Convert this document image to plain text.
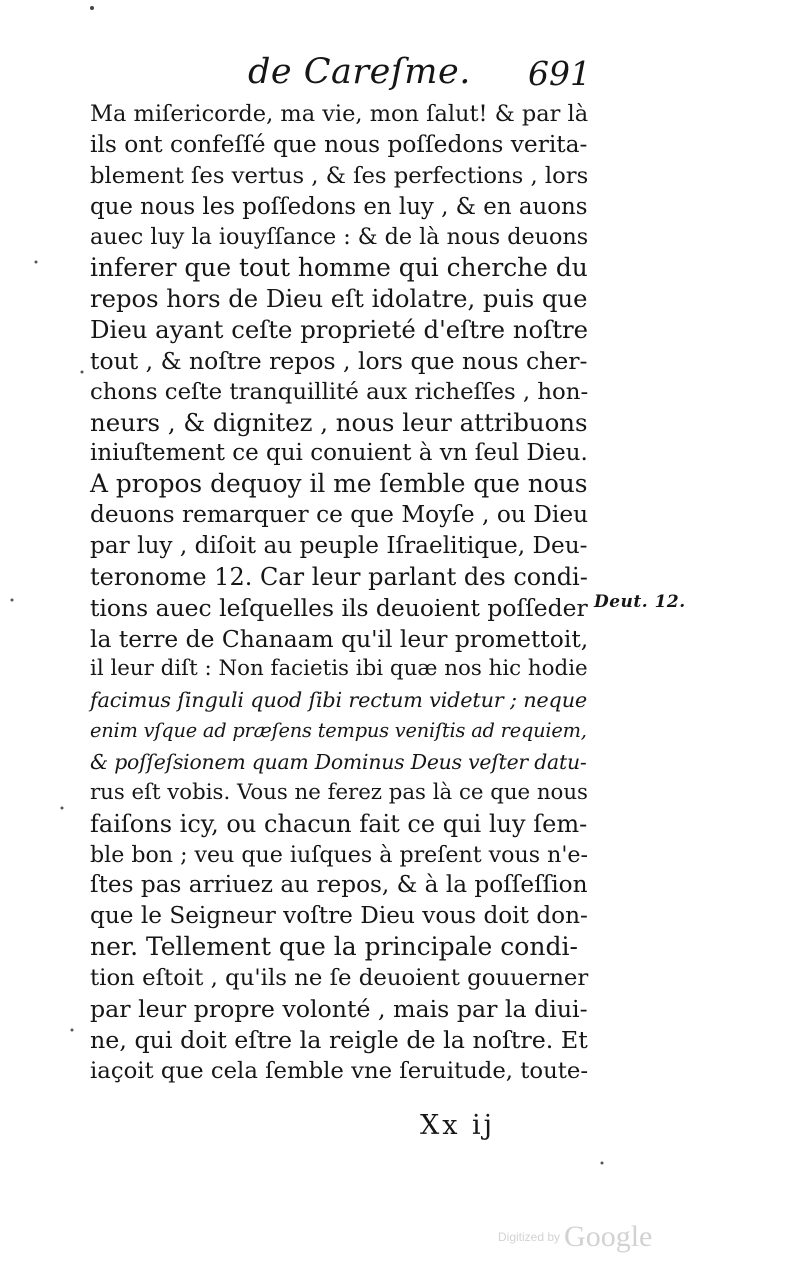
de Careſme. 691
Ma miſericorde, ma vie, mon ſalut! & par là
ils ont confeſſé que nous poſſedons verita-
blement ſes vertus , & ſes perfections , lors
que nous les poſſedons en luy , & en auons
auec luy la iouyſſance : & de là nous deuons
inferer que tout homme qui cherche du
repos hors de Dieu eſt idolatre, puis que
Dieu ayant ceſte proprieté d'eſtre noſtre
tout , & noſtre repos , lors que nous cher-
chons ceſte tranquillité aux richeſſes , hon-
neurs , & dignitez , nous leur attribuons
iniuſtement ce qui conuient à vn ſeul Dieu.
A propos dequoy il me ſemble que nous
deuons remarquer ce que Moyſe , ou Dieu
par luy , diſoit au peuple Iſraelitique, Deu-
teronome 12. Car leur parlant des condi-
tions auec leſquelles ils deuoient poſſeder
la terre de Chanaam qu'il leur promettoit,
il leur diſt : Non facietis ibi quæ nos hic hodie
facimus ſinguli quod ſibi rectum videtur ; neque
enim vſque ad præſens tempus veniſtis ad requiem,
& poſſeſsionem quam Dominus Deus veſter datu-
rus eſt vobis. Vous ne ferez pas là ce que nous
faiſons icy, ou chacun fait ce qui luy ſem-
ble bon ; veu que iuſques à preſent vous n'e-
ſtes pas arriuez au repos, & à la poſſeſſion
que le Seigneur voſtre Dieu vous doit don-
ner. Tellement que la principale condi-
tion eſtoit , qu'ils ne ſe deuoient gouuerner
par leur propre volonté , mais par la diui-
ne, qui doit eſtre la reigle de la noſtre. Et
iaçoit que cela ſemble vne ſeruitude, toute-
Deut. 12.
Xx ij
Digitized by Google
